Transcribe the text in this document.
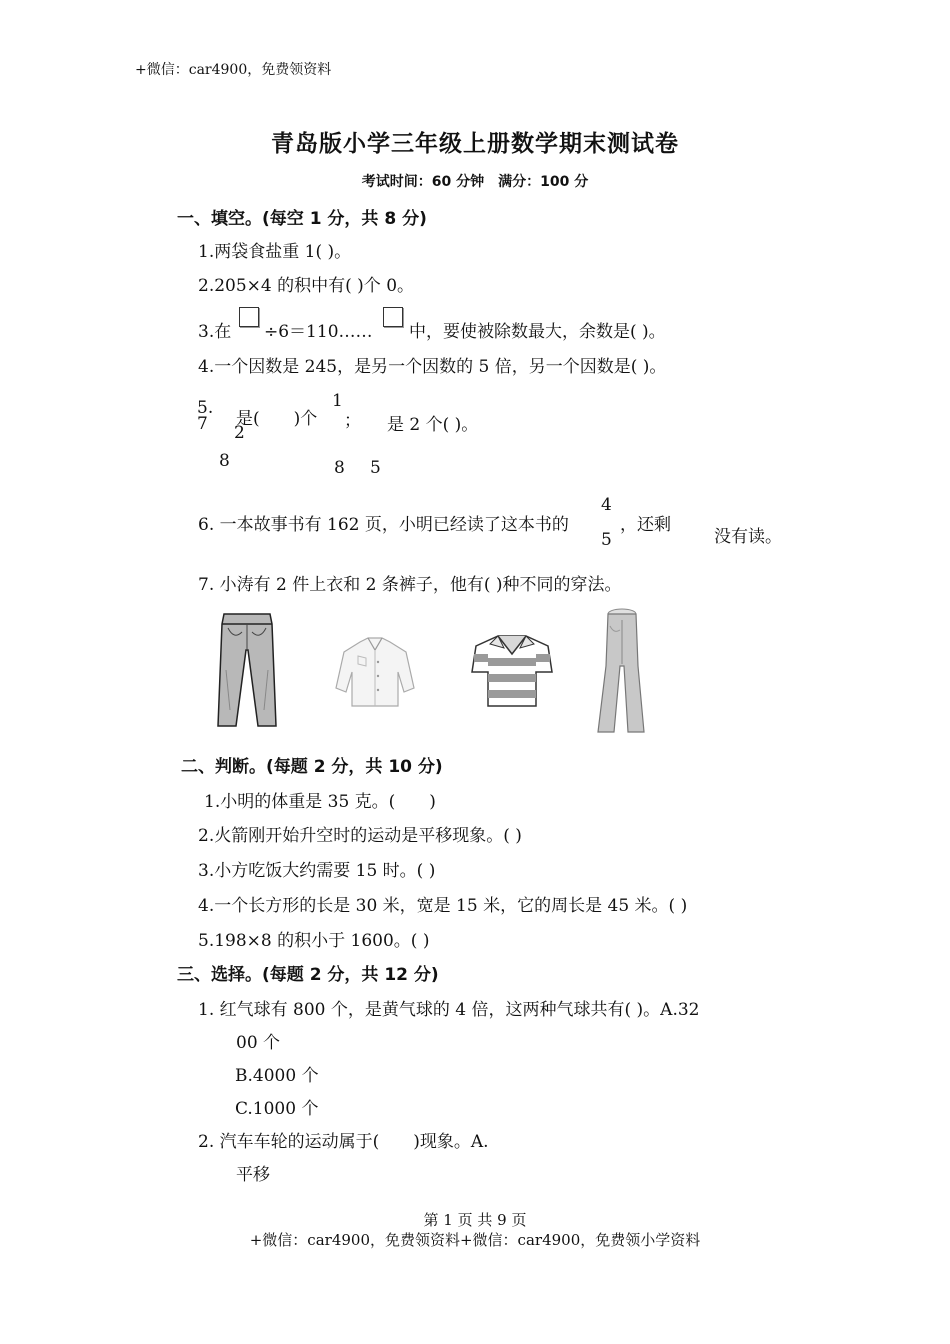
+微信：car4900，免费领资料
青岛版小学三年级上册数学期末测试卷
考试时间：60 分钟　满分：100 分
一、填空。(每空 1 分，共 8 分)
1.两袋食盐重 1( )。
2.205×4 的积中有( )个 0。
3.在 ÷6＝110…… 中，要使被除数最大，余数是( )。
4.一个因数是 245，是另一个因数的 5 倍，另一个因数是( )。
5.
7
8
是(　　)个
1
；
2
8 5
是 2 个( )。
6. 一本故事书有 162 页，小明已经读了这本书的
4
5
，还剩
没有读。
7. 小涛有 2 件上衣和 2 条裤子，他有( )种不同的穿法。
二、判断。(每题 2 分，共 10 分)
1.小明的体重是 35 克。(　　)
2.火箭刚开始升空时的运动是平移现象。( )
3.小方吃饭大约需要 15 时。( )
4.一个长方形的长是 30 米，宽是 15 米，它的周长是 45 米。( )
5.198×8 的积小于 1600。( )
三、选择。(每题 2 分，共 12 分)
1. 红气球有 800 个，是黄气球的 4 倍，这两种气球共有( )。A.32
00 个
B.4000 个
C.1000 个
2. 汽车车轮的运动属于(　　)现象。A.
平移
第 1 页 共 9 页
+微信：car4900，免费领资料+微信：car4900，免费领小学资料
